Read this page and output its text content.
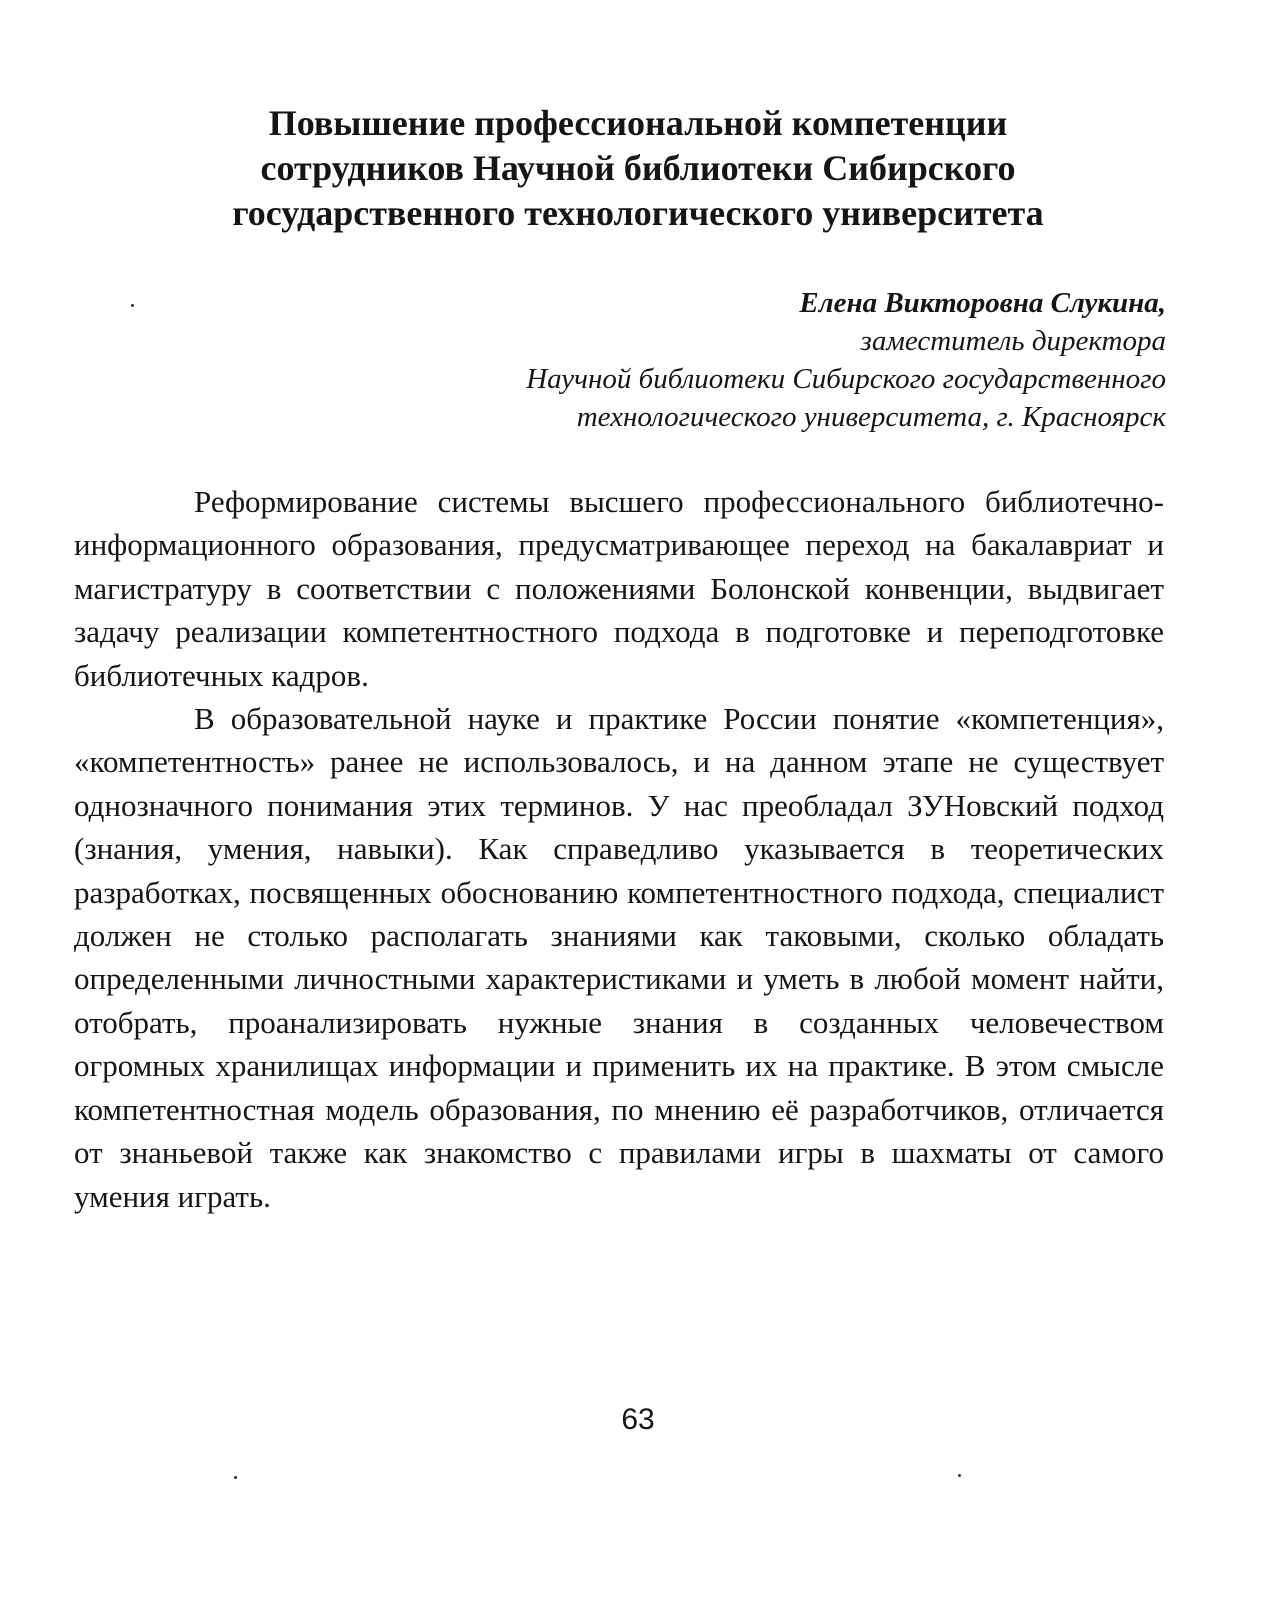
Повышение профессиональной компетенции
сотрудников Научной библиотеки Сибирского
государственного технологического университета
Елена Викторовна Слукина,
заместитель директора
Научной библиотеки Сибирского государственного
технологического университета, г. Красноярск

Реформирование системы высшего профессионального библиотечно-информационного образования, предусматривающее переход на бакалавриат и магистратуру в соответствии с положениями Болонской конвенции, выдвигает задачу реализации компетентностного подхода в подготовке и переподготовке библиотечных кадров.

В образовательной науке и практике России понятие «компетенция», «компетентность» ранее не использовалось, и на данном этапе не существует однозначного понимания этих терминов. У нас преобладал ЗУНовский подход (знания, умения, навыки). Как справедливо указывается в теоретических разработках, посвященных обоснованию компетентностного подхода, специалист должен не столько располагать знаниями как таковыми, сколько обладать определенными личностными характеристиками и уметь в любой момент найти, отобрать, проанализировать нужные знания в созданных человечеством огромных хранилищах информации и применить их на практике. В этом смысле компетентностная модель образования, по мнению её разработчиков, отличается от знаньевой также как знакомство с правилами игры в шахматы от самого умения играть.

63
